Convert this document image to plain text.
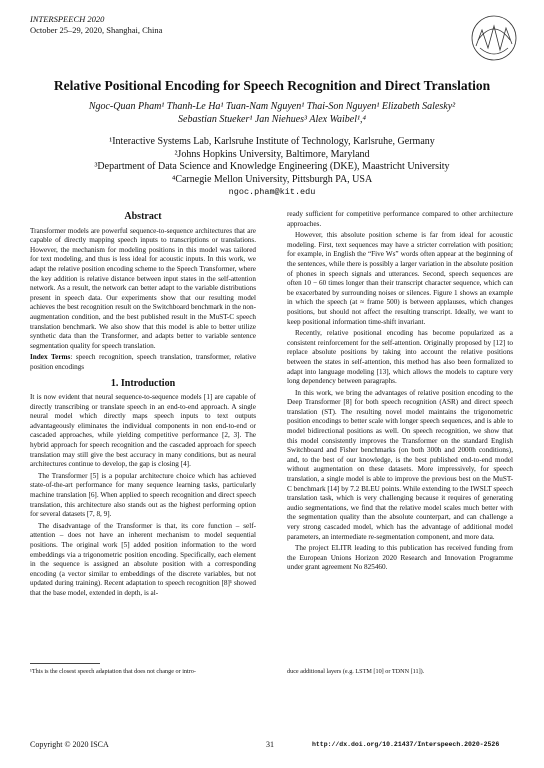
INTERSPEECH 2020
October 25–29, 2020, Shanghai, China
Relative Positional Encoding for Speech Recognition and Direct Translation
Ngoc-Quan Pham¹ Thanh-Le Ha¹ Tuan-Nam Nguyen¹ Thai-Son Nguyen¹ Elizabeth Salesky²
Sebastian Stueker¹ Jan Niehues³ Alex Waibel¹,⁴
¹Interactive Systems Lab, Karlsruhe Institute of Technology, Karlsruhe, Germany
²Johns Hopkins University, Baltimore, Maryland
³Department of Data Science and Knowledge Engineering (DKE), Maastricht University
⁴Carnegie Mellon University, Pittsburgh PA, USA
ngoc.pham@kit.edu
Abstract

Transformer models are powerful sequence-to-sequence architectures that are capable of directly mapping speech inputs to transcriptions or translations. However, the mechanism for modeling positions in this model was tailored for text modeling, and thus is less ideal for acoustic inputs. In this work, we adapt the relative position encoding scheme to the Speech Transformer, where the key addition is relative distance between input states in the self-attention network. As a result, the network can better adapt to the variable distributions present in speech data. Our experiments show that our resulting model achieves the best recognition result on the Switchboard benchmark in the non-augmentation condition, and the best published result in the MuST-C speech translation benchmark. We also show that this model is able to better utilize synthetic data than the Transformer, and adapts better to variable sentence segmentation quality for speech translation.

Index Terms: speech recognition, speech translation, transformer, relative position encodings

1. Introduction

It is now evident that neural sequence-to-sequence models [1] are capable of directly transcribing or translate speech in an end-to-end approach. A single neural model which directly maps speech inputs to text outputs advantageously eliminates the individual components in non end-to-end or cascaded approaches, while yielding competitive performance [2, 3]. The hybrid approach for speech recognition and the cascaded approach for speech translation may still give the best accuracy in many conditions, but as neural architectures continue to develop, the gap is closing [4].

The Transformer [5] is a popular architecture choice which has achieved state-of-the-art performance for many sequence learning tasks, particularly machine translation [6]. When applied to speech recognition and direct speech translation, this architecture also stands out as the highest performing option for several datasets [7, 8, 9].

The disadvantage of the Transformer is that, its core function – self-attention – does not have an inherent mechanism to model sequential positions. The original work [5] added position information to the word embeddings via a trigonometric position encoding. Specifically, each element in the sequence is assigned an absolute position with a corresponding encoding (a vector similar to embeddings of the discrete variables, but not updated during training). Recent adaptation to speech recognition [8]¹ showed that the base model, extended in depth, is al-

ready sufficient for competitive performance compared to other architecture approaches.

However, this absolute position scheme is far from ideal for acoustic modeling. First, text sequences may have a stricter correlation with position; for example, in English the “Five Ws” words often appear at the beginning of the sentences, while there is possibly a larger variation in the absolute position of phones in speech signals and utterances. Second, speech sequences are often 10 − 60 times longer than their transcript character sequence, which can be exacerbated by surrounding noises or silences. Figure 1 shows an example in which the speech (at ≈ frame 500) is between applauses, which changes positions, but should not affect the resulting transcript. Ideally, we want to keep positional information time-shift invariant.

Recently, relative positional encoding has become popularized as a consistent reinforcement for the self-attention. Originally proposed by [12] to replace absolute positions by taking into account the relative positions between the states in self-attention, this method has also been formalized to adapt into language modeling [13], which allows the models to capture very long dependency between paragraphs.

In this work, we bring the advantages of relative position encoding to the Deep Transformer [8] for both speech recognition (ASR) and direct speech translation (ST). The resulting novel model maintains the trigonometric position encodings to better scale with longer speech sequences, and is able to model bidirectional positions as well. On speech recognition, we show that this model consistently improves the Transformer on the standard English Switchboard and Fisher benchmarks (on both 300h and 2000h conditions), and, to the best of our knowledge, is the best published end-to-end model without augmentation on these datasets. More impressively, for speech translation, a single model is able to improve the previous best on the MuST-C benchmark [14] by 7.2 BLEU points. While extending to the IWSLT speech translation task, which is very challenging because it requires of generating audio segmentations, we find that the relative model scales much better with the segmentation quality than the absolute counterpart, and can challenge a very strong cascaded model, which has the advantage of additional model parameters, an intermediate re-segmentation component, and more data.

The project ELITR leading to this publication has received funding from the European Unions Horizon 2020 Research and Innovation Programme under grant agreement No 825460.

¹This is the closest speech adaptation that does not change or intro-	duce additional layers (e.g. LSTM [10] or TDNN [11]).
Copyright © 2020 ISCA	31	http://dx.doi.org/10.21437/Interspeech.2020-2526
